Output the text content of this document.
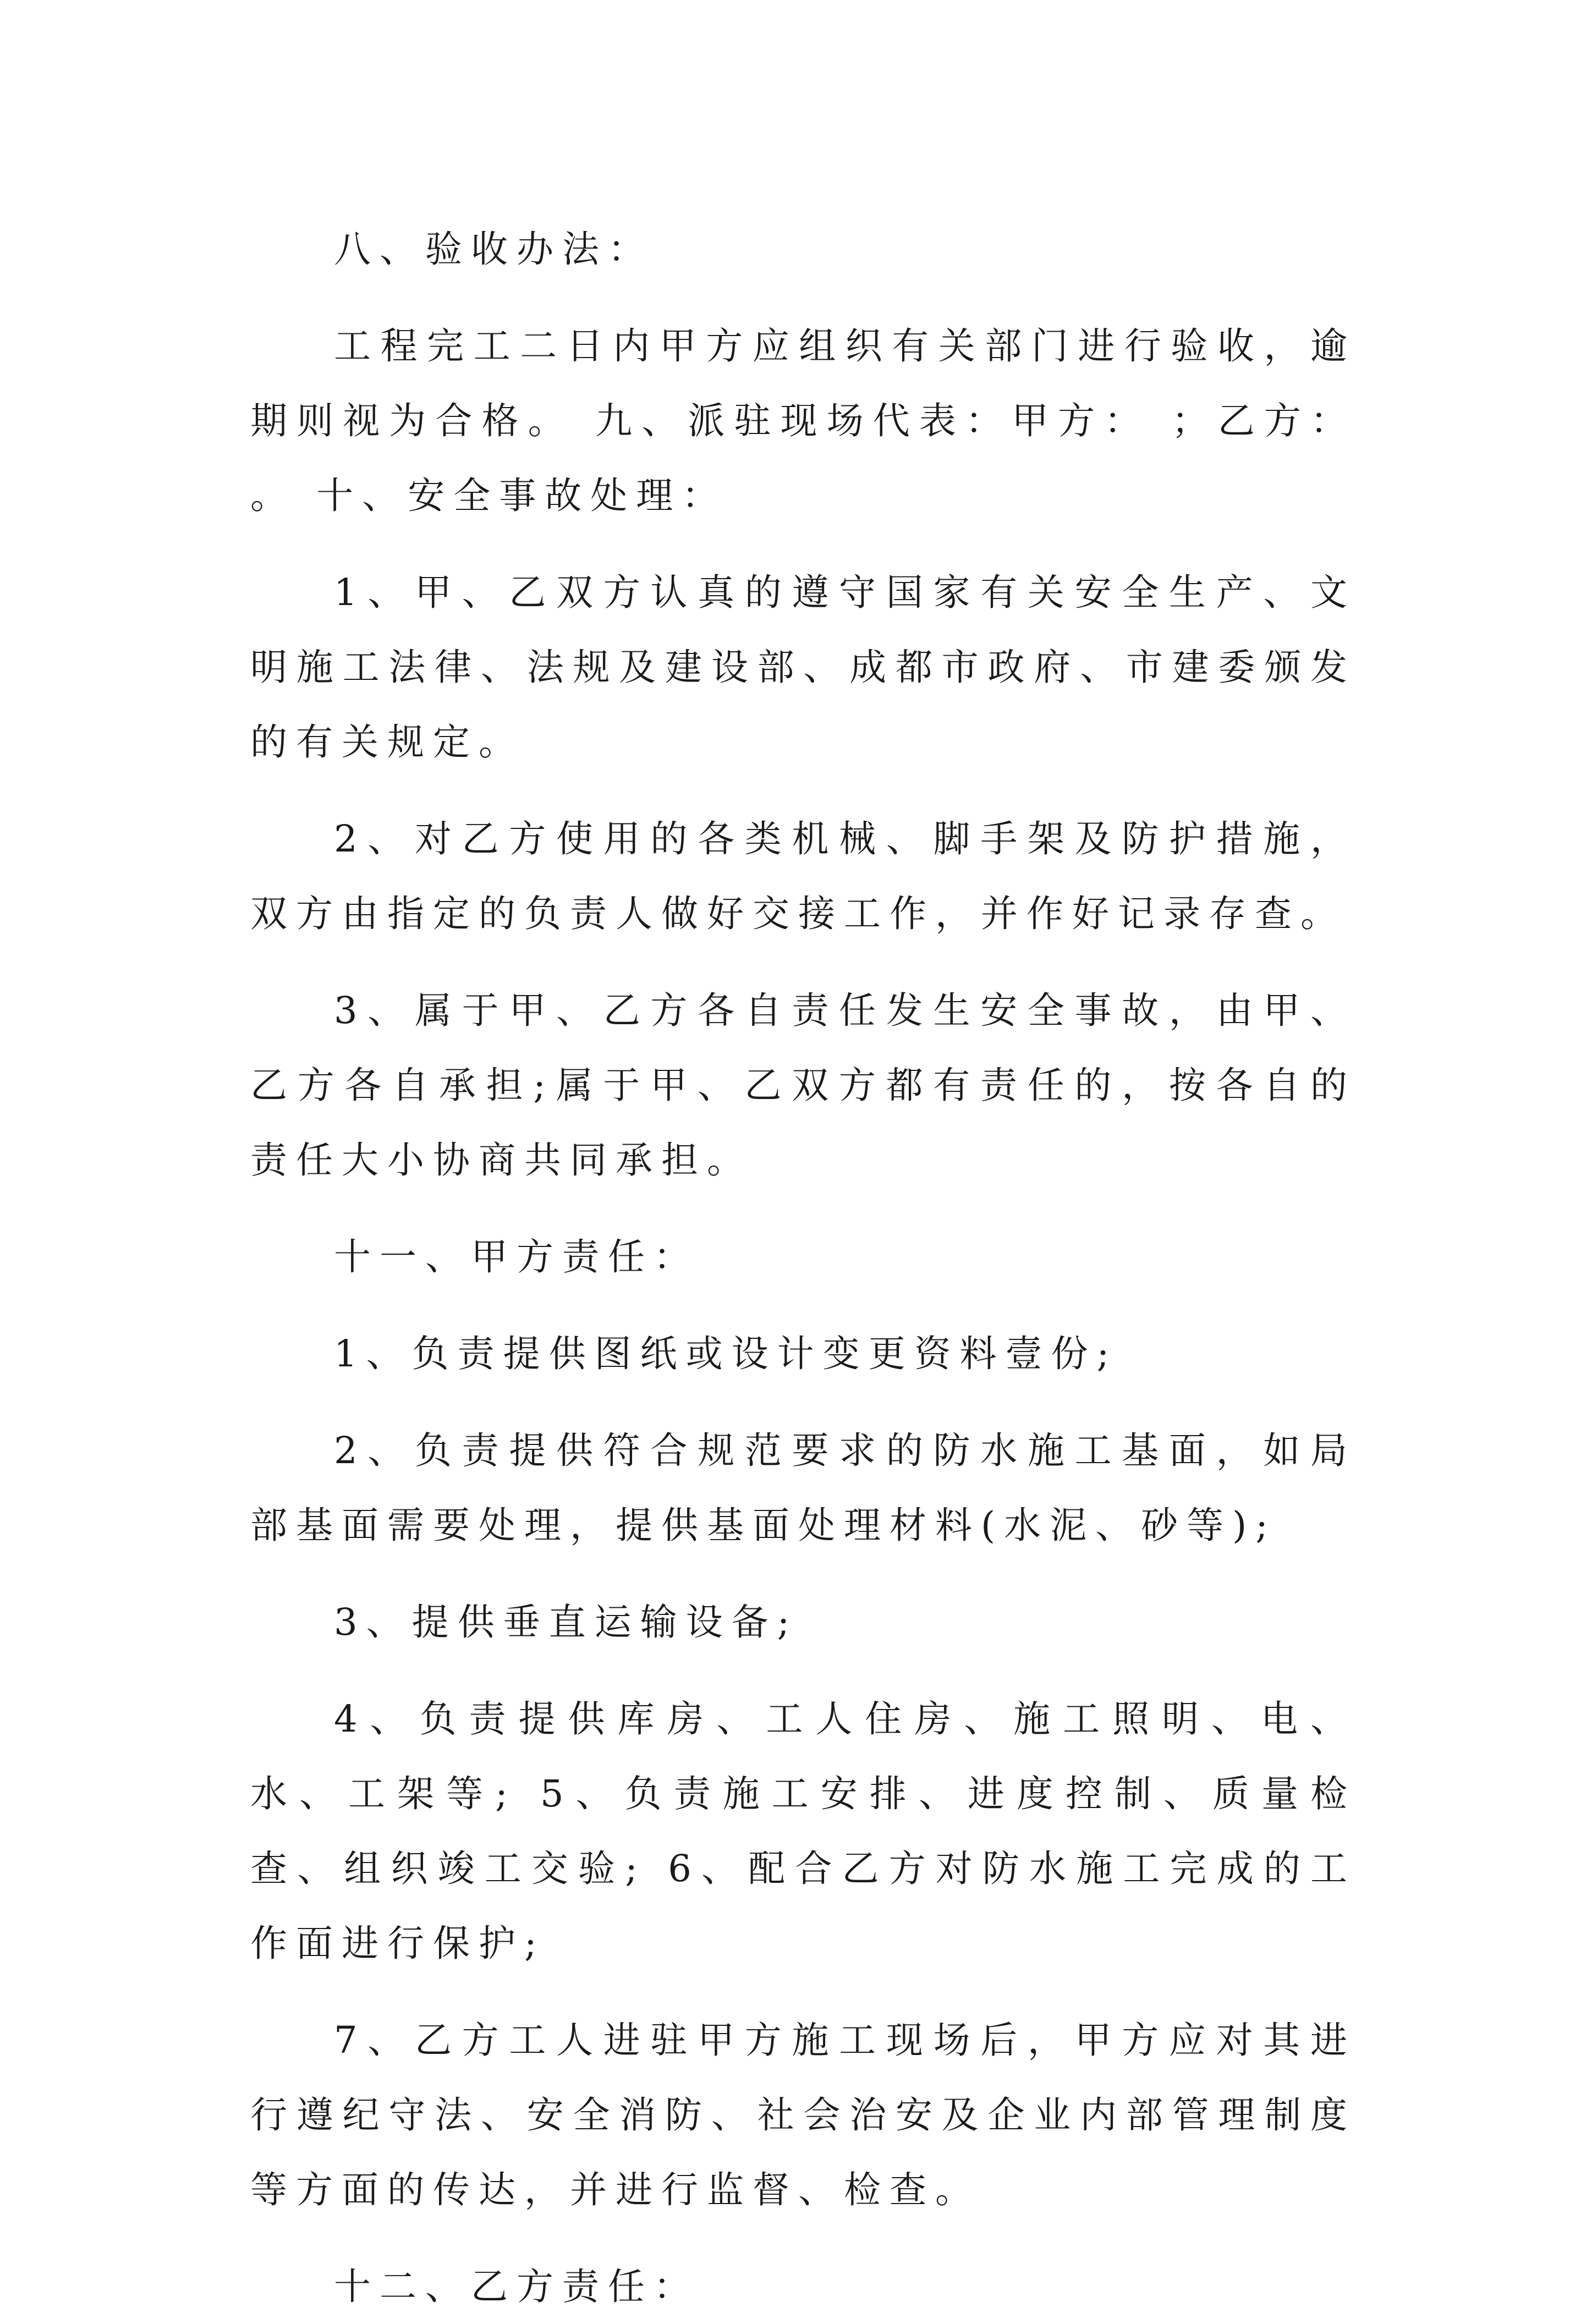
八、验收办法：

工程完工二日内甲方应组织有关部门进行验收，逾期则视为合格。 九、派驻现场代表：甲方： ；乙方： 。 十、安全事故处理：

1、甲、乙双方认真的遵守国家有关安全生产、文明施工法律、法规及建设部、成都市政府、市建委颁发的有关规定。

2、对乙方使用的各类机械、脚手架及防护措施，双方由指定的负责人做好交接工作，并作好记录存查。

3、属于甲、乙方各自责任发生安全事故，由甲、乙方各自承担;属于甲、乙双方都有责任的，按各自的责任大小协商共同承担。

十一、甲方责任：

1、负责提供图纸或设计变更资料壹份;

2、负责提供符合规范要求的防水施工基面，如局部基面需要处理，提供基面处理材料(水泥、砂等);

3、提供垂直运输设备;

4、负责提供库房、工人住房、施工照明、电、水、工架等; 5、负责施工安排、进度控制、质量检查、组织竣工交验; 6、配合乙方对防水施工完成的工作面进行保护;

7、乙方工人进驻甲方施工现场后，甲方应对其进行遵纪守法、安全消防、社会治安及企业内部管理制度等方面的传达，并进行监督、检查。

十二、乙方责任：
